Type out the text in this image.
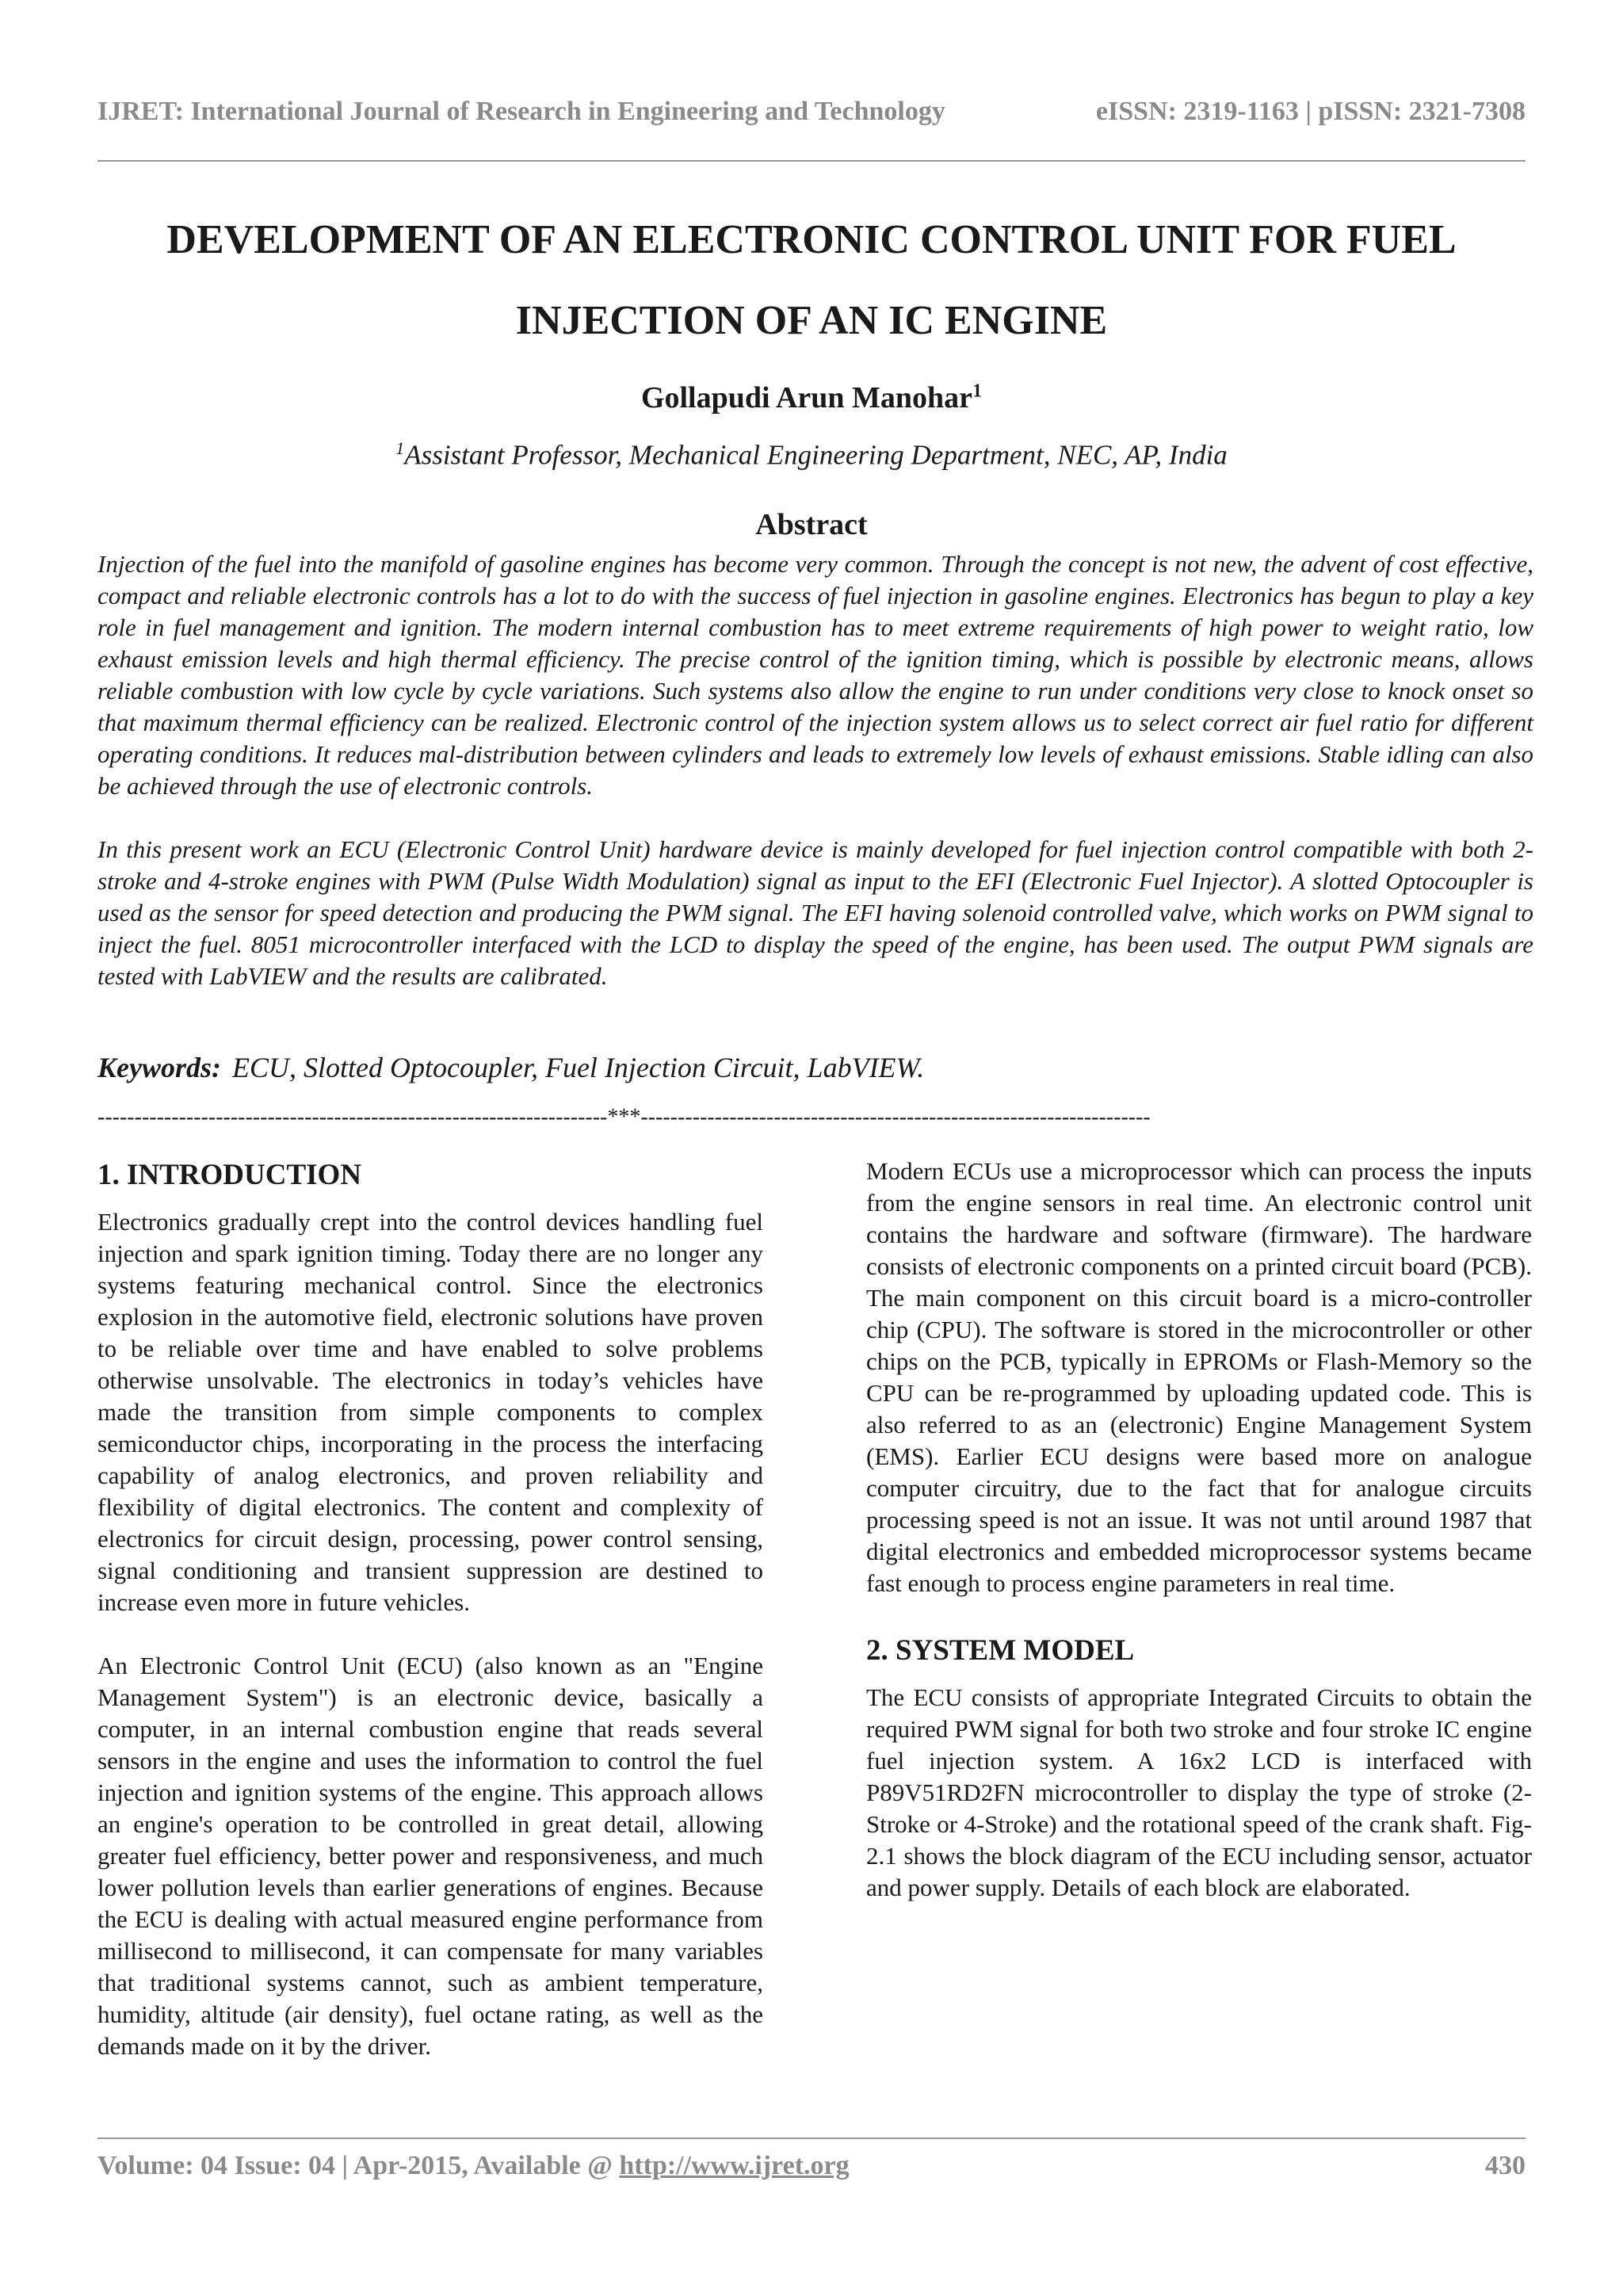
IJRET: International Journal of Research in Engineering and Technology	eISSN: 2319-1163 | pISSN: 2321-7308
DEVELOPMENT OF AN ELECTRONIC CONTROL UNIT FOR FUEL
INJECTION OF AN IC ENGINE
Gollapudi Arun Manohar$^1$
$^1$Assistant Professor, Mechanical Engineering Department, NEC, AP, India
Abstract

Injection of the fuel into the manifold of gasoline engines has become very common. Through the concept is not new, the advent of cost effective, compact and reliable electronic controls has a lot to do with the success of fuel injection in gasoline engines. Electronics has begun to play a key role in fuel management and ignition. The modern internal combustion has to meet extreme requirements of high power to weight ratio, low exhaust emission levels and high thermal efficiency. The precise control of the ignition timing, which is possible by electronic means, allows reliable combustion with low cycle by cycle variations. Such systems also allow the engine to run under conditions very close to knock onset so that maximum thermal efficiency can be realized. Electronic control of the injection system allows us to select correct air fuel ratio for different operating conditions. It reduces mal-distribution between cylinders and leads to extremely low levels of exhaust emissions. Stable idling can also be achieved through the use of electronic controls.

In this present work an ECU (Electronic Control Unit) hardware device is mainly developed for fuel injection control compatible with both 2-stroke and 4-stroke engines with PWM (Pulse Width Modulation) signal as input to the EFI (Electronic Fuel Injector). A slotted Optocoupler is used as the sensor for speed detection and producing the PWM signal. The EFI having solenoid controlled valve, which works on PWM signal to inject the fuel. 8051 microcontroller interfaced with the LCD to display the speed of the engine, has been used. The output PWM signals are tested with LabVIEW and the results are calibrated.

Keywords: ECU, Slotted Optocoupler, Fuel Injection Circuit, LabVIEW.
---------------------------------------------------------------------***---------------------------------------------------------------------
1. INTRODUCTION

Electronics gradually crept into the control devices handling fuel injection and spark ignition timing. Today there are no longer any systems featuring mechanical control. Since the electronics explosion in the automotive field, electronic solutions have proven to be reliable over time and have enabled to solve problems otherwise unsolvable. The electronics in today’s vehicles have made the transition from simple components to complex semiconductor chips, incorporating in the process the interfacing capability of analog electronics, and proven reliability and flexibility of digital electronics. The content and complexity of electronics for circuit design, processing, power control sensing, signal conditioning and transient suppression are destined to increase even more in future vehicles.

An Electronic Control Unit (ECU) (also known as an "Engine Management System") is an electronic device, basically a computer, in an internal combustion engine that reads several sensors in the engine and uses the information to control the fuel injection and ignition systems of the engine. This approach allows an engine's operation to be controlled in great detail, allowing greater fuel efficiency, better power and responsiveness, and much lower pollution levels than earlier generations of engines. Because the ECU is dealing with actual measured engine performance from millisecond to millisecond, it can compensate for many variables that traditional systems cannot, such as ambient temperature, humidity, altitude (air density), fuel octane rating, as well as the demands made on it by the driver.

Modern ECUs use a microprocessor which can process the inputs from the engine sensors in real time. An electronic control unit contains the hardware and software (firmware). The hardware consists of electronic components on a printed circuit board (PCB). The main component on this circuit board is a micro-controller chip (CPU). The software is stored in the microcontroller or other chips on the PCB, typically in EPROMs or Flash-Memory so the CPU can be re-programmed by uploading updated code. This is also referred to as an (electronic) Engine Management System (EMS). Earlier ECU designs were based more on analogue computer circuitry, due to the fact that for analogue circuits processing speed is not an issue. It was not until around 1987 that digital electronics and embedded microprocessor systems became fast enough to process engine parameters in real time.

2. SYSTEM MODEL

The ECU consists of appropriate Integrated Circuits to obtain the required PWM signal for both two stroke and four stroke IC engine fuel injection system. A 16x2 LCD is interfaced with P89V51RD2FN microcontroller to display the type of stroke (2-Stroke or 4-Stroke) and the rotational speed of the crank shaft. Fig-2.1 shows the block diagram of the ECU including sensor, actuator and power supply. Details of each block are elaborated.

Volume: 04 Issue: 04 | Apr-2015, Available @ http://www.ijret.org	430
